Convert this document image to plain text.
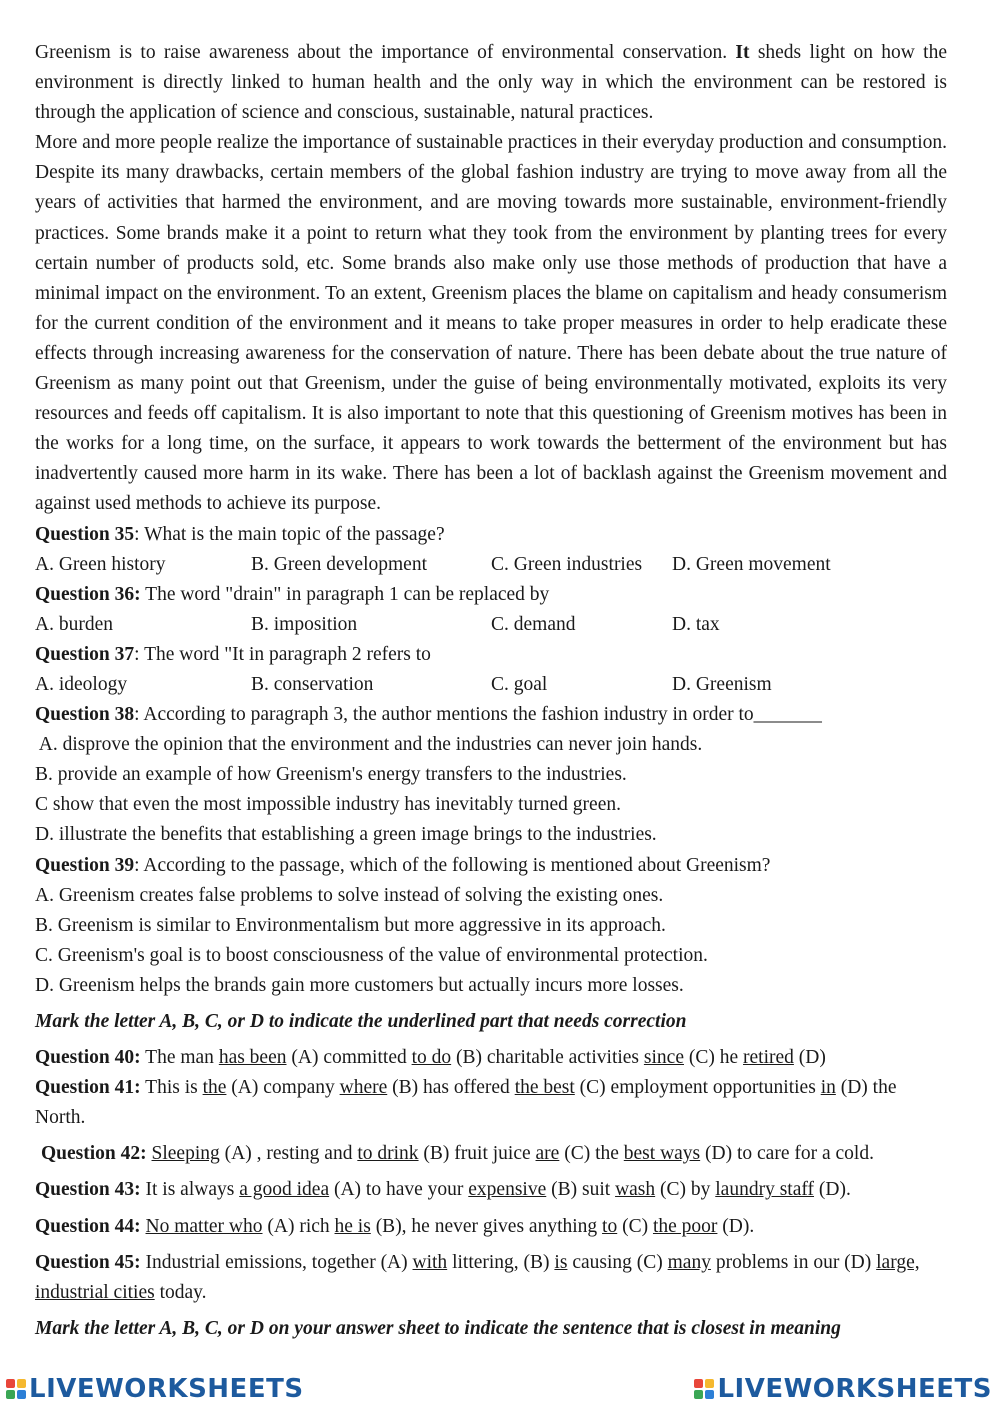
Greenism is to raise awareness about the importance of environmental conservation. It sheds light on how the environment is directly linked to human health and the only way in which the environment can be restored is through the application of science and conscious, sustainable, natural practices.

More and more people realize the importance of sustainable practices in their everyday production and consumption. Despite its many drawbacks, certain members of the global fashion industry are trying to move away from all the years of activities that harmed the environment, and are moving towards more sustainable, environment-friendly practices. Some brands make it a point to return what they took from the environment by planting trees for every certain number of products sold, etc. Some brands also make only use those methods of production that have a minimal impact on the environment. To an extent, Greenism places the blame on capitalism and heady consumerism for the current condition of the environment and it means to take proper measures in order to help eradicate these effects through increasing awareness for the conservation of nature. There has been debate about the true nature of Greenism as many point out that Greenism, under the guise of being environmentally motivated, exploits its very resources and feeds off capitalism. It is also important to note that this questioning of Greenism motives has been in the works for a long time, on the surface, it appears to work towards the betterment of the environment but has inadvertently caused more harm in its wake. There has been a lot of backlash against the Greenism movement and against used methods to achieve its purpose.

Question 35: What is the main topic of the passage?

A. Green history	B. Green development	C. Green industries	D. Green movement

Question 36: The word "drain" in paragraph 1 can be replaced by

A. burden	B. imposition	C. demand	D. tax

Question 37: The word "It in paragraph 2 refers to

A. ideology	B. conservation	C. goal	D. Greenism

Question 38: According to paragraph 3, the author mentions the fashion industry in order to_______

A. disprove the opinion that the environment and the industries can never join hands.

B. provide an example of how Greenism's energy transfers to the industries.

C show that even the most impossible industry has inevitably turned green.

D. illustrate the benefits that establishing a green image brings to the industries.

Question 39: According to the passage, which of the following is mentioned about Greenism?

A. Greenism creates false problems to solve instead of solving the existing ones.

B. Greenism is similar to Environmentalism but more aggressive in its approach.

C. Greenism's goal is to boost consciousness of the value of environmental protection.

D. Greenism helps the brands gain more customers but actually incurs more losses.

Mark the letter A, B, C, or D to indicate the underlined part that needs correction

Question 40: The man has been (A) committed to do (B) charitable activities since (C) he retired (D)

Question 41: This is the (A) company where (B) has offered the best (C) employment opportunities in (D) the North.

Question 42: Sleeping (A) , resting and to drink (B) fruit juice are (C) the best ways (D) to care for a cold.

Question 43: It is always a good idea (A) to have your expensive (B) suit wash (C) by laundry staff (D).

Question 44: No matter who (A) rich he is (B), he never gives anything to (C) the poor (D).

Question 45: Industrial emissions, together (A) with littering, (B) is causing (C) many problems in our (D) large, industrial cities today.

Mark the letter A, B, C, or D on your answer sheet to indicate the sentence that is closest in meaning

LIVEWORKSHEETS	LIVEWORKSHEETS
